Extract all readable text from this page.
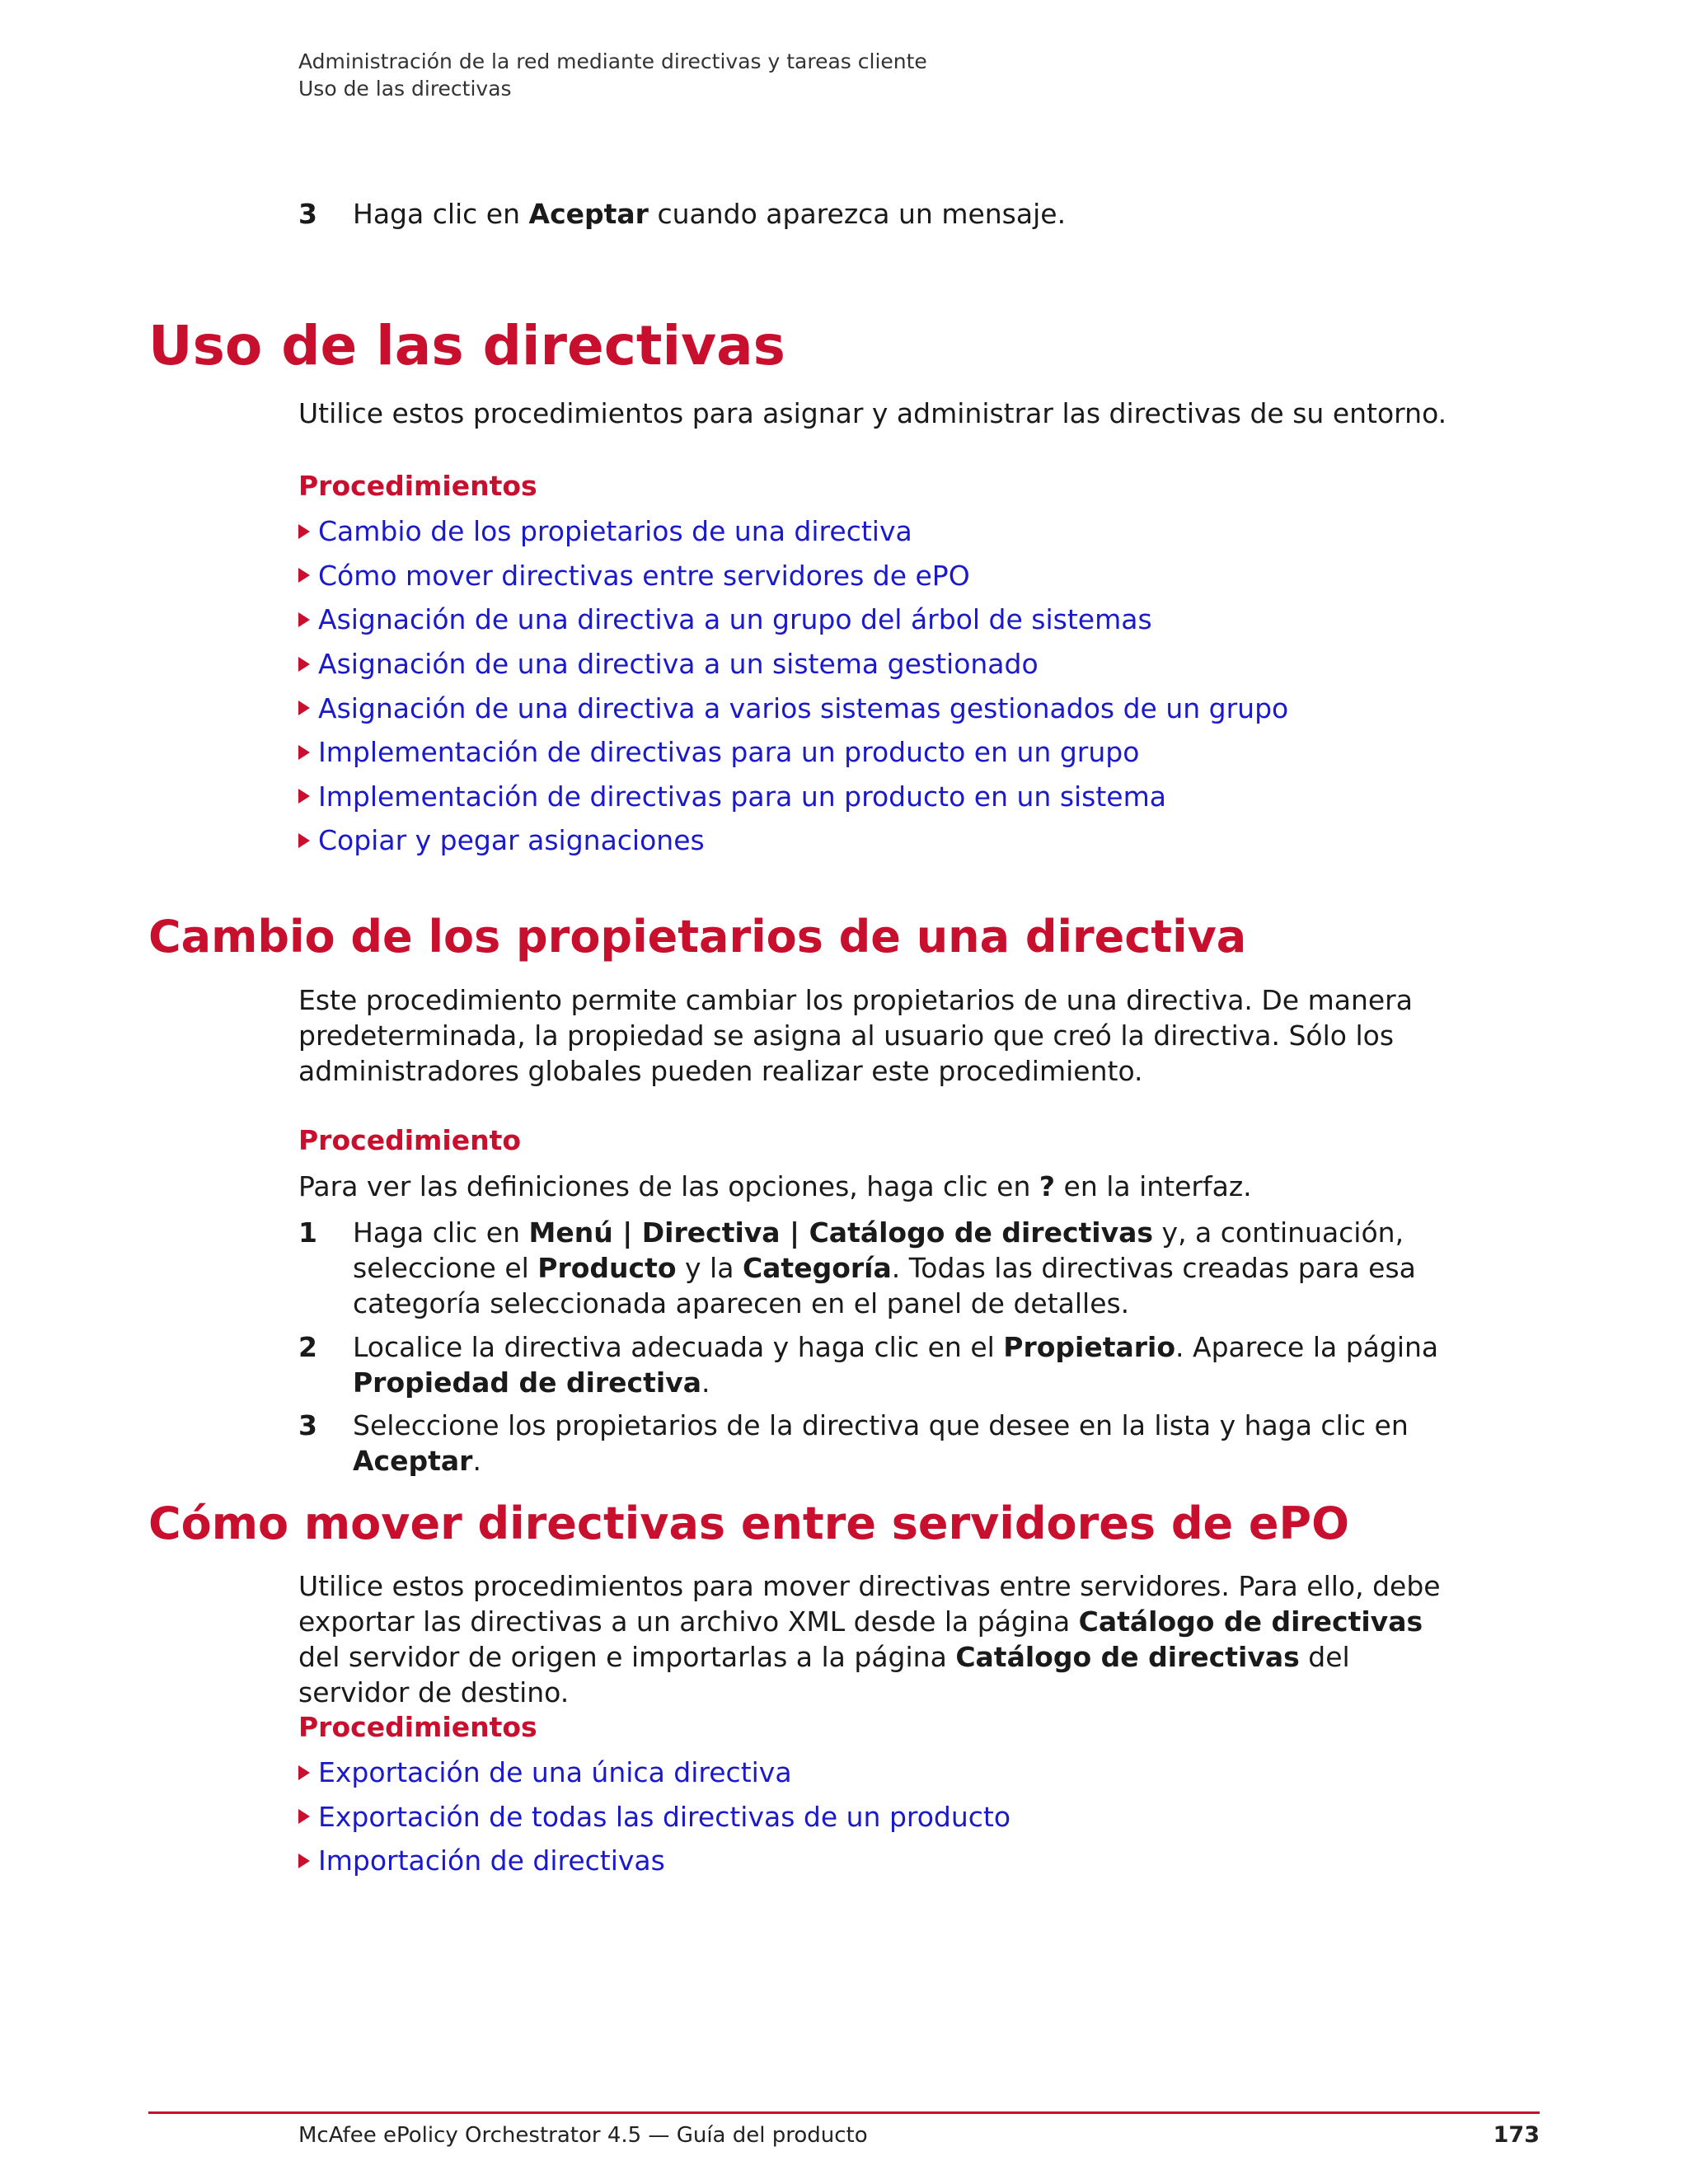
Administración de la red mediante directivas y tareas cliente
Uso de las directivas
3	Haga clic en Aceptar cuando aparezca un mensaje.
Uso de las directivas
Utilice estos procedimientos para asignar y administrar las directivas de su entorno.
Procedimientos
Cambio de los propietarios de una directiva
Cómo mover directivas entre servidores de ePO
Asignación de una directiva a un grupo del árbol de sistemas
Asignación de una directiva a un sistema gestionado
Asignación de una directiva a varios sistemas gestionados de un grupo
Implementación de directivas para un producto en un grupo
Implementación de directivas para un producto en un sistema
Copiar y pegar asignaciones
Cambio de los propietarios de una directiva
Este procedimiento permite cambiar los propietarios de una directiva. De manera predeterminada, la propiedad se asigna al usuario que creó la directiva. Sólo los administradores globales pueden realizar este procedimiento.
Procedimiento
Para ver las definiciones de las opciones, haga clic en ? en la interfaz.
1	Haga clic en Menú | Directiva | Catálogo de directivas y, a continuación, seleccione el Producto y la Categoría. Todas las directivas creadas para esa categoría seleccionada aparecen en el panel de detalles.
2	Localice la directiva adecuada y haga clic en el Propietario. Aparece la página Propiedad de directiva.
3	Seleccione los propietarios de la directiva que desee en la lista y haga clic en Aceptar.
Cómo mover directivas entre servidores de ePO
Utilice estos procedimientos para mover directivas entre servidores. Para ello, debe exportar las directivas a un archivo XML desde la página Catálogo de directivas del servidor de origen e importarlas a la página Catálogo de directivas del servidor de destino.
Procedimientos
Exportación de una única directiva
Exportación de todas las directivas de un producto
Importación de directivas
McAfee ePolicy Orchestrator 4.5 — Guía del producto	173
